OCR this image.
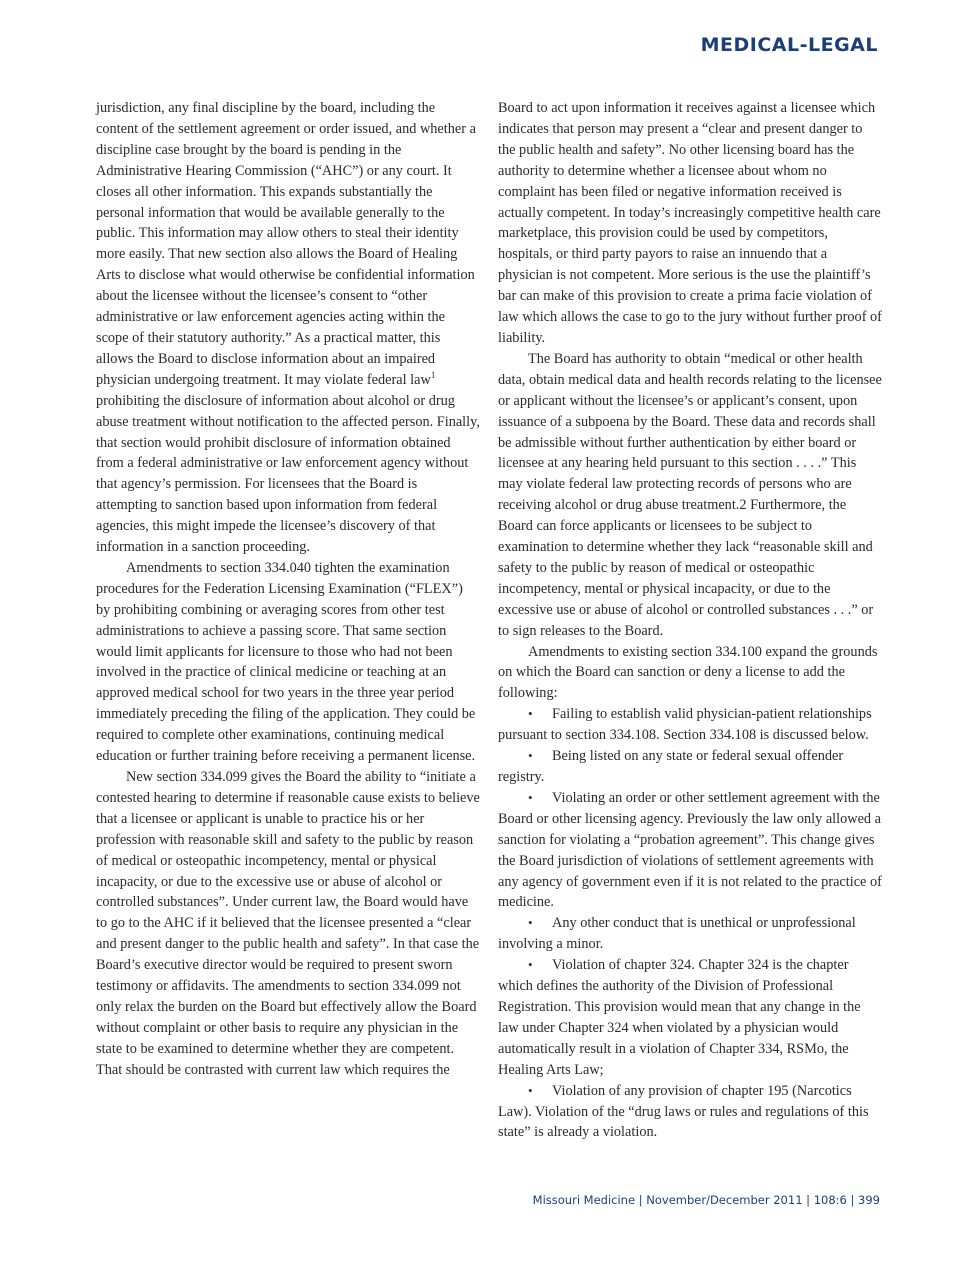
MEDICAL-LEGAL

jurisdiction, any final discipline by the board, including the content of the settlement agreement or order issued, and whether a discipline case brought by the board is pending in the Administrative Hearing Commission (“AHC”) or any court. It closes all other information. This expands substantially the personal information that would be available generally to the public. This information may allow others to steal their identity more easily. That new section also allows the Board of Healing Arts to disclose what would otherwise be confidential information about the licensee without the licensee’s consent to “other administrative or law enforcement agencies acting within the scope of their statutory authority.” As a practical matter, this allows the Board to disclose information about an impaired physician undergoing treatment. It may violate federal law$^1$ prohibiting the disclosure of information about alcohol or drug abuse treatment without notification to the affected person. Finally, that section would prohibit disclosure of information obtained from a federal administrative or law enforcement agency without that agency’s permission. For licensees that the Board is attempting to sanction based upon information from federal agencies, this might impede the licensee’s discovery of that information in a sanction proceeding.

Amendments to section 334.040 tighten the examination procedures for the Federation Licensing Examination (“FLEX”) by prohibiting combining or averaging scores from other test administrations to achieve a passing score. That same section would limit applicants for licensure to those who had not been involved in the practice of clinical medicine or teaching at an approved medical school for two years in the three year period immediately preceding the filing of the application. They could be required to complete other examinations, continuing medical education or further training before receiving a permanent license.

New section 334.099 gives the Board the ability to “initiate a contested hearing to determine if reasonable cause exists to believe that a licensee or applicant is unable to practice his or her profession with reasonable skill and safety to the public by reason of medical or osteopathic incompetency, mental or physical incapacity, or due to the excessive use or abuse of alcohol or controlled substances”. Under current law, the Board would have to go to the AHC if it believed that the licensee presented a “clear and present danger to the public health and safety”. In that case the Board’s executive director would be required to present sworn testimony or affidavits. The amendments to section 334.099 not only relax the burden on the Board but effectively allow the Board without complaint or other basis to require any physician in the state to be examined to determine whether they are competent. That should be contrasted with current law which requires the

Board to act upon information it receives against a licensee which indicates that person may present a “clear and present danger to the public health and safety”. No other licensing board has the authority to determine whether a licensee about whom no complaint has been filed or negative information received is actually competent. In today’s increasingly competitive health care marketplace, this provision could be used by competitors, hospitals, or third party payors to raise an innuendo that a physician is not competent. More serious is the use the plaintiff’s bar can make of this provision to create a prima facie violation of law which allows the case to go to the jury without further proof of liability.

The Board has authority to obtain “medical or other health data, obtain medical data and health records relating to the licensee or applicant without the licensee’s or applicant’s consent, upon issuance of a subpoena by the Board. These data and records shall be admissible without further authentication by either board or licensee at any hearing held pursuant to this section . . . .” This may violate federal law protecting records of persons who are receiving alcohol or drug abuse treatment.2 Furthermore, the Board can force applicants or licensees to be subject to examination to determine whether they lack “reasonable skill and safety to the public by reason of medical or osteopathic incompetency, mental or physical incapacity, or due to the excessive use or abuse of alcohol or controlled substances . . .” or to sign releases to the Board.

Amendments to existing section 334.100 expand the grounds on which the Board can sanction or deny a license to add the following:

• Failing to establish valid physician-patient relationships pursuant to section 334.108. Section 334.108 is discussed below.

• Being listed on any state or federal sexual offender registry.

• Violating an order or other settlement agreement with the Board or other licensing agency. Previously the law only allowed a sanction for violating a “probation agreement”. This change gives the Board jurisdiction of violations of settlement agreements with any agency of government even if it is not related to the practice of medicine.

• Any other conduct that is unethical or unprofessional involving a minor.

• Violation of chapter 324. Chapter 324 is the chapter which defines the authority of the Division of Professional Registration. This provision would mean that any change in the law under Chapter 324 when violated by a physician would automatically result in a violation of Chapter 334, RSMo, the Healing Arts Law;

• Violation of any provision of chapter 195 (Narcotics Law). Violation of the “drug laws or rules and regulations of this state” is already a violation.

Missouri Medicine | November/December 2011 | 108:6 | 399
